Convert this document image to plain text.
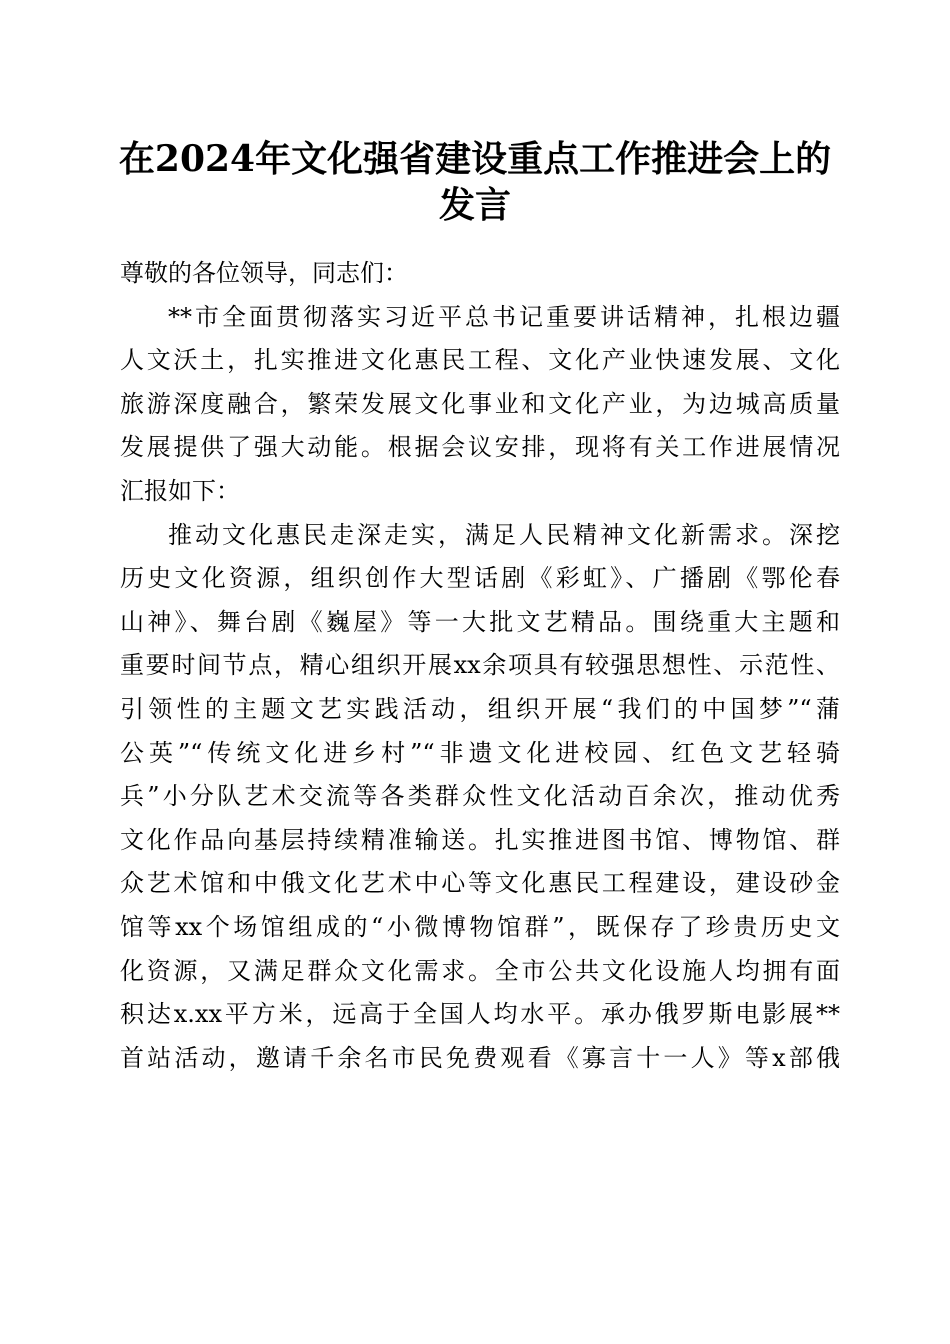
在2024年文化强省建设重点工作推进会上的
发言
尊敬的各位领导，同志们：
**市全面贯彻落实习近平总书记重要讲话精神，扎根边疆
人文沃土，扎实推进文化惠民工程、文化产业快速发展、文化
旅游深度融合，繁荣发展文化事业和文化产业，为边城高质量
发展提供了强大动能。根据会议安排，现将有关工作进展情况
汇报如下：
推动文化惠民走深走实，满足人民精神文化新需求。深挖
历史文化资源，组织创作大型话剧《彩虹》、广播剧《鄂伦春
山神》、舞台剧《巍屋》等一大批文艺精品。围绕重大主题和
重要时间节点，精心组织开展xx余项具有较强思想性、示范性、
引领性的主题文艺实践活动，组织开展“我们的中国梦”“蒲
公英”“传统文化进乡村”“非遗文化进校园、红色文艺轻骑
兵”小分队艺术交流等各类群众性文化活动百余次，推动优秀
文化作品向基层持续精准输送。扎实推进图书馆、博物馆、群
众艺术馆和中俄文化艺术中心等文化惠民工程建设，建设砂金
馆等xx个场馆组成的“小微博物馆群”，既保存了珍贵历史文
化资源，又满足群众文化需求。全市公共文化设施人均拥有面
积达x.xx平方米，远高于全国人均水平。承办俄罗斯电影展**
首站活动，邀请千余名市民免费观看《寡言十一人》等x部俄
